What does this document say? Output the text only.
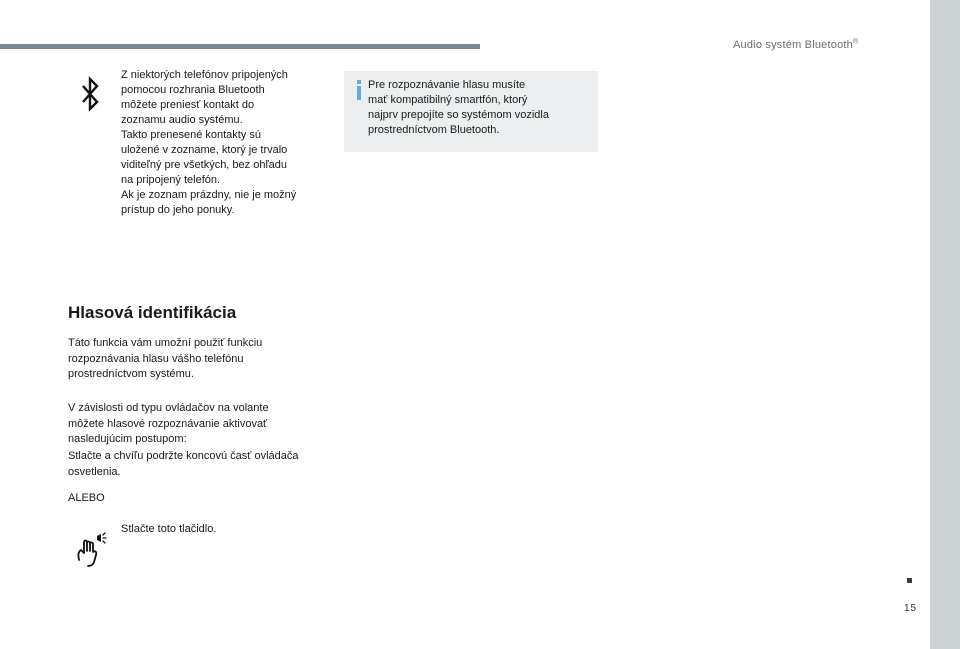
Audio systém Bluetooth®
15

Z niektorých telefónov pripojených

pomocou rozhrania Bluetooth

môžete preniesť kontakt do

zoznamu audio systému.

Takto prenesené kontakty sú

uložené v zozname, ktorý je trvalo

viditeľný pre všetkých, bez ohľadu

na pripojený telefón.

Ak je zoznam prázdny, nie je možný

prístup do jeho ponuky.

Pre rozpoznávanie hlasu musíte
mať kompatibilný smartfón, ktorý
najprv prepojíte so systémom vozidla
prostredníctvom Bluetooth.
Hlasová identifikácia
Táto funkcia vám umožní použiť funkciu
rozpoznávania hlasu vášho telefónu
prostredníctvom systému.
V závislosti od typu ovládačov na volante
môžete hlasové rozpoznávanie aktivovať
nasledujúcim postupom:
Stlačte a chvíľu podržte koncovú časť ovládača
osvetlenia.
ALEBO
Stlačte toto tlačidlo.
